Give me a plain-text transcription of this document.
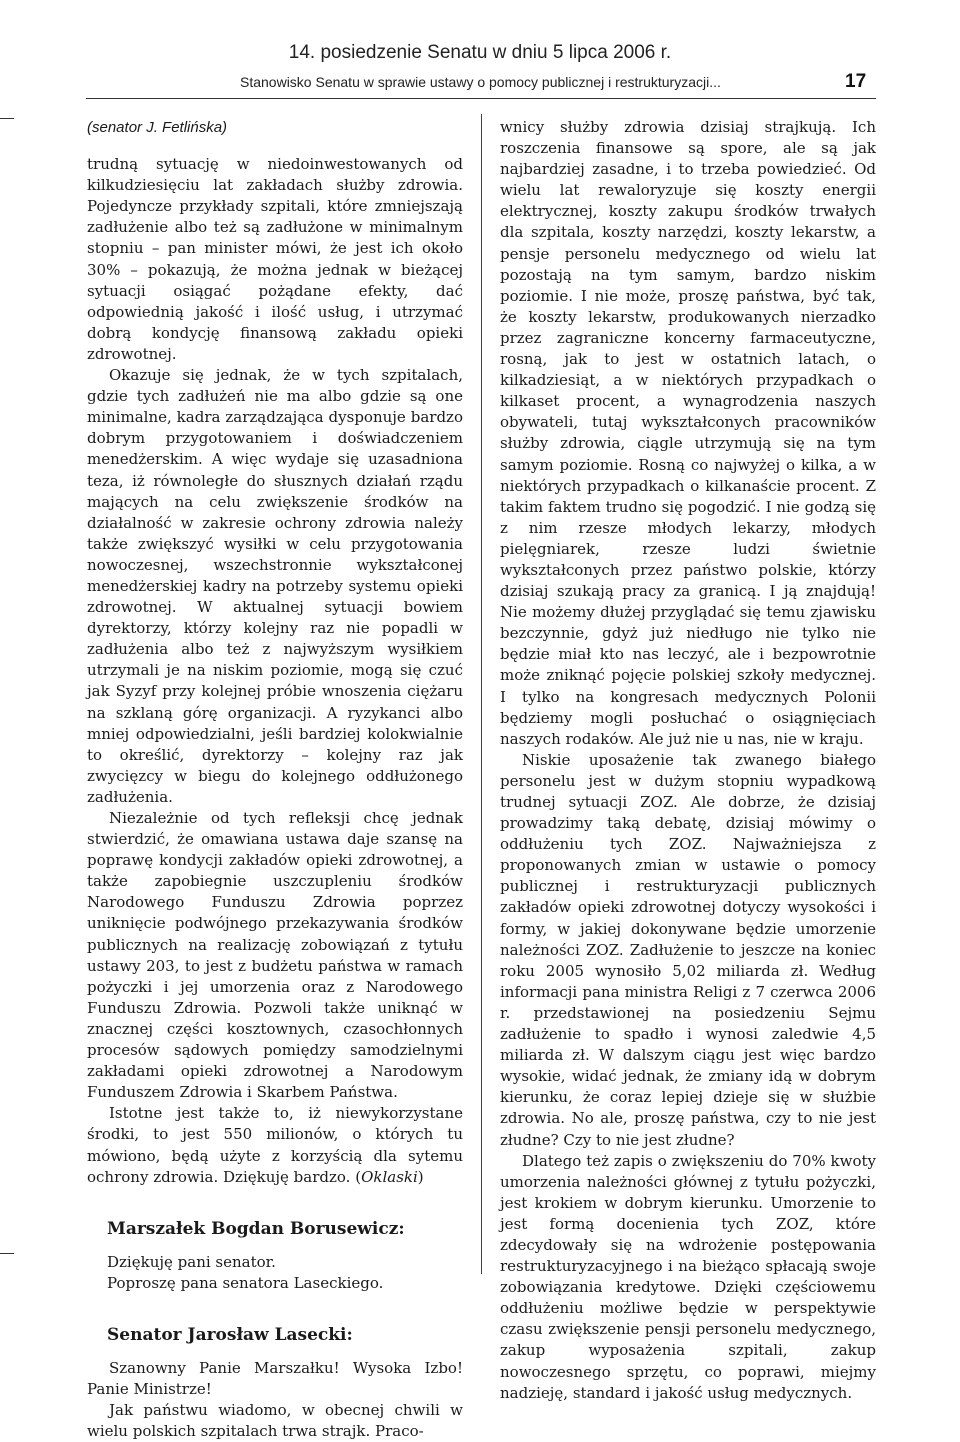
14. posiedzenie Senatu w dniu 5 lipca 2006 r.
Stanowisko Senatu w sprawie ustawy o pomocy publicznej i restrukturyzacji...	17
(senator J. Fetlińska)

trudną sytuację w niedoinwestowanych od kilkudziesięciu lat zakładach służby zdrowia. Pojedyncze przykłady szpitali, które zmniejszają zadłużenie albo też są zadłużone w minimalnym stopniu – pan minister mówi, że jest ich około 30% – pokazują, że można jednak w bieżącej sytuacji osiągać pożądane efekty, dać odpowiednią jakość i ilość usług, i utrzymać dobrą kondycję finansową zakładu opieki zdrowotnej.

Okazuje się jednak, że w tych szpitalach, gdzie tych zadłużeń nie ma albo gdzie są one minimalne, kadra zarządzająca dysponuje bardzo dobrym przygotowaniem i doświadczeniem menedżerskim. A więc wydaje się uzasadniona teza, iż równoległe do słusznych działań rządu mających na celu zwiększenie środków na działalność w zakresie ochrony zdrowia należy także zwiększyć wysiłki w celu przygotowania nowoczesnej, wszechstronnie wykształconej menedżerskiej kadry na potrzeby systemu opieki zdrowotnej. W aktualnej sytuacji bowiem dyrektorzy, którzy kolejny raz nie popadli w zadłużenia albo też z najwyższym wysiłkiem utrzymali je na niskim poziomie, mogą się czuć jak Syzyf przy kolejnej próbie wnoszenia ciężaru na szklaną górę organizacji. A ryzykanci albo mniej odpowiedzialni, jeśli bardziej kolokwialnie to określić, dyrektorzy – kolejny raz jak zwycięzcy w biegu do kolejnego oddłużonego zadłużenia.

Niezależnie od tych refleksji chcę jednak stwierdzić, że omawiana ustawa daje szansę na poprawę kondycji zakładów opieki zdrowotnej, a także zapobiegnie uszczupleniu środków Narodowego Funduszu Zdrowia poprzez uniknięcie podwójnego przekazywania środków publicznych na realizację zobowiązań z tytułu ustawy 203, to jest z budżetu państwa w ramach pożyczki i jej umorzenia oraz z Narodowego Funduszu Zdrowia. Pozwoli także uniknąć w znacznej części kosztownych, czasochłonnych procesów sądowych pomiędzy samodzielnymi zakładami opieki zdrowotnej a Narodowym Funduszem Zdrowia i Skarbem Państwa.

Istotne jest także to, iż niewykorzystane środki, to jest 550 milionów, o których tu mówiono, będą użyte z korzyścią dla sytemu ochrony zdrowia. Dziękuję bardzo. (Oklaski)

Marszałek Bogdan Borusewicz:

Dziękuję pani senator.

Poproszę pana senatora Laseckiego.

Senator Jarosław Lasecki:

Szanowny Panie Marszałku! Wysoka Izbo! Panie Ministrze!

Jak państwu wiadomo, w obecnej chwili w wielu polskich szpitalach trwa strajk. Praco-

wnicy służby zdrowia dzisiaj strajkują. Ich roszczenia finansowe są spore, ale są jak najbardziej zasadne, i to trzeba powiedzieć. Od wielu lat rewaloryzuje się koszty energii elektrycznej, koszty zakupu środków trwałych dla szpitala, koszty narzędzi, koszty lekarstw, a pensje personelu medycznego od wielu lat pozostają na tym samym, bardzo niskim poziomie. I nie może, proszę państwa, być tak, że koszty lekarstw, produkowanych nierzadko przez zagraniczne koncerny farmaceutyczne, rosną, jak to jest w ostatnich latach, o kilkadziesiąt, a w niektórych przypadkach o kilkaset procent, a wynagrodzenia naszych obywateli, tutaj wykształconych pracowników służby zdrowia, ciągle utrzymują się na tym samym poziomie. Rosną co najwyżej o kilka, a w niektórych przypadkach o kilkanaście procent. Z takim faktem trudno się pogodzić. I nie godzą się z nim rzesze młodych lekarzy, młodych pielęgniarek, rzesze ludzi świetnie wykształconych przez państwo polskie, którzy dzisiaj szukają pracy za granicą. I ją znajdują! Nie możemy dłużej przyglądać się temu zjawisku bezczynnie, gdyż już niedługo nie tylko nie będzie miał kto nas leczyć, ale i bezpowrotnie może zniknąć pojęcie polskiej szkoły medycznej. I tylko na kongresach medycznych Polonii będziemy mogli posłuchać o osiągnięciach naszych rodaków. Ale już nie u nas, nie w kraju.

Niskie uposażenie tak zwanego białego personelu jest w dużym stopniu wypadkową trudnej sytuacji ZOZ. Ale dobrze, że dzisiaj prowadzimy taką debatę, dzisiaj mówimy o oddłużeniu tych ZOZ. Najważniejsza z proponowanych zmian w ustawie o pomocy publicznej i restrukturyzacji publicznych zakładów opieki zdrowotnej dotyczy wysokości i formy, w jakiej dokonywane będzie umorzenie należności ZOZ. Zadłużenie to jeszcze na koniec roku 2005 wynosiło 5,02 miliarda zł. Według informacji pana ministra Religi z 7 czerwca 2006 r. przedstawionej na posiedzeniu Sejmu zadłużenie to spadło i wynosi zaledwie 4,5 miliarda zł. W dalszym ciągu jest więc bardzo wysokie, widać jednak, że zmiany idą w dobrym kierunku, że coraz lepiej dzieje się w służbie zdrowia. No ale, proszę państwa, czy to nie jest złudne? Czy to nie jest złudne?

Dlatego też zapis o zwiększeniu do 70% kwoty umorzenia należności głównej z tytułu pożyczki, jest krokiem w dobrym kierunku. Umorzenie to jest formą docenienia tych ZOZ, które zdecydowały się na wdrożenie postępowania restrukturyzacyjnego i na bieżąco spłacają swoje zobowiązania kredytowe. Dzięki częściowemu oddłużeniu możliwe będzie w perspektywie czasu zwiększenie pensji personelu medycznego, zakup wyposażenia szpitali, zakup nowoczesnego sprzętu, co poprawi, miejmy nadzieję, standard i jakość usług medycznych.
